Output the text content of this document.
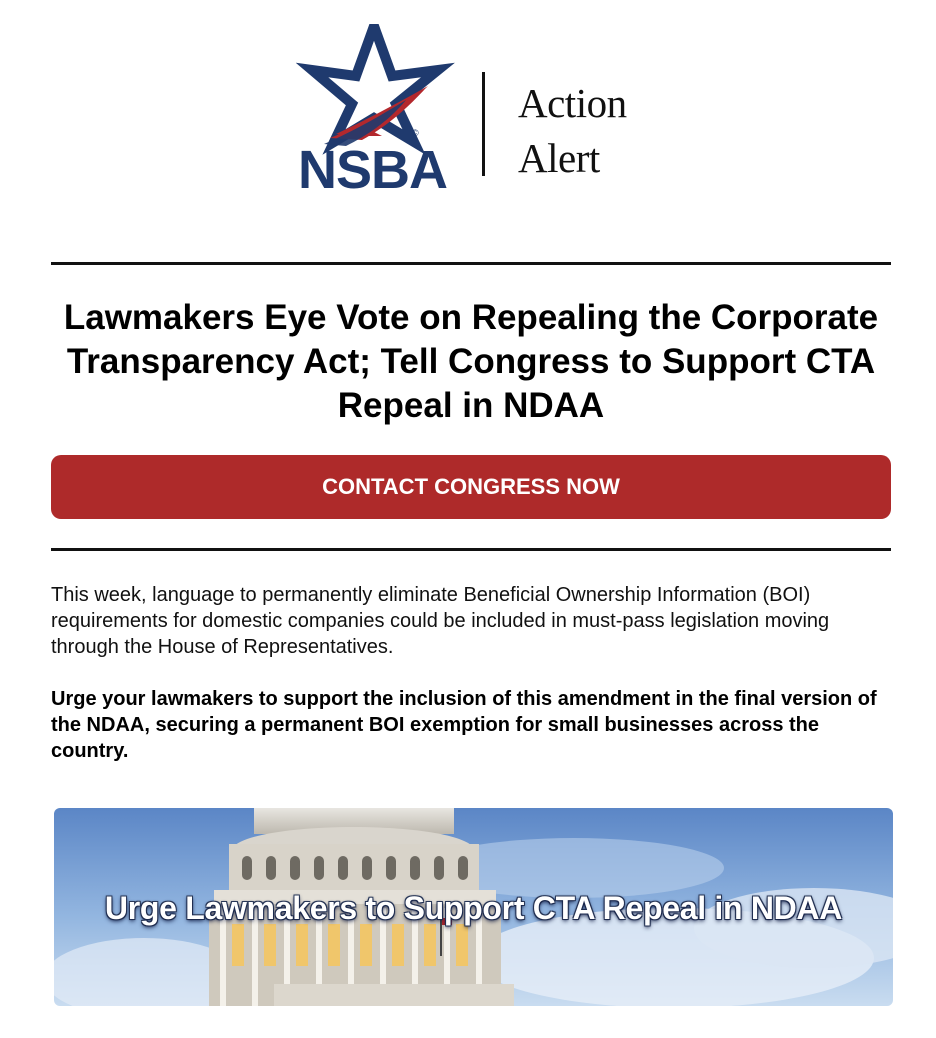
©
NSBA
Action
Alert
Lawmakers Eye Vote on Repealing the Corporate Transparency Act; Tell Congress to Support CTA Repeal in NDAA
CONTACT CONGRESS NOW

This week, language to permanently eliminate Beneficial Ownership Information (BOI) requirements for domestic companies could be included in must-pass legislation moving through the House of Representatives.

Urge your lawmakers to support the inclusion of this amendment in the final version of the NDAA, securing a permanent BOI exemption for small businesses across the country.

Urge Lawmakers to Support CTA Repeal in NDAA
